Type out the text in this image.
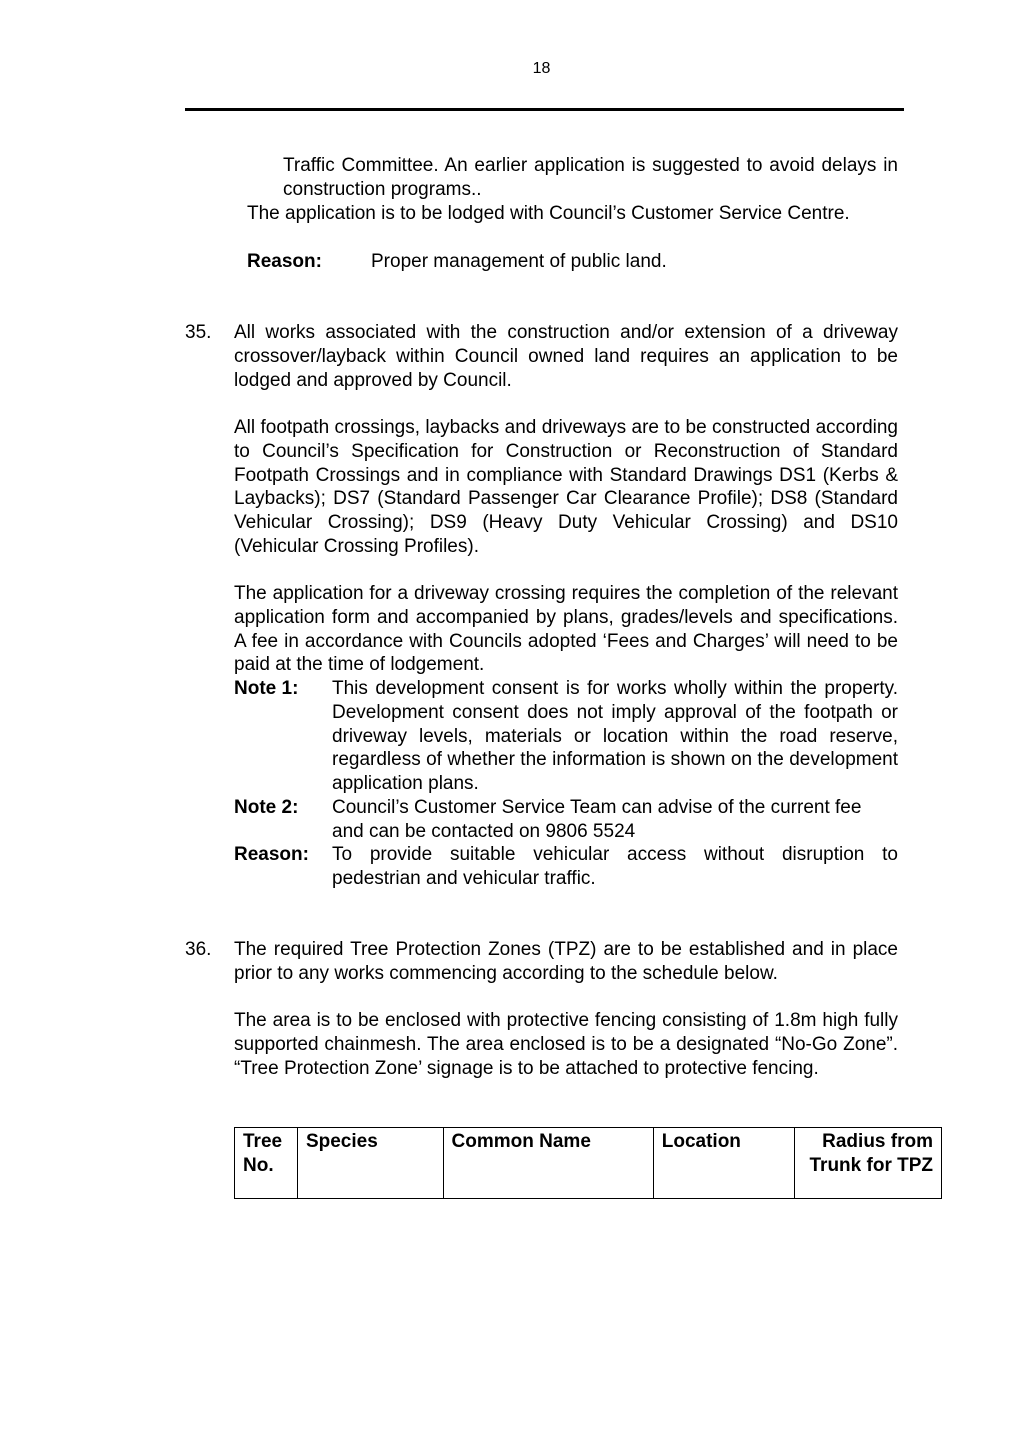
18
Traffic Committee. An earlier application is suggested to avoid delays in construction programs..
The application is to be lodged with Council’s Customer Service Centre.
Reason:	Proper management of public land.
35. All works associated with the construction and/or extension of a driveway crossover/layback within Council owned land requires an application to be lodged and approved by Council.
All footpath crossings, laybacks and driveways are to be constructed according to Council’s Specification for Construction or Reconstruction of Standard Footpath Crossings and in compliance with Standard Drawings DS1 (Kerbs & Laybacks); DS7 (Standard Passenger Car Clearance Profile); DS8 (Standard Vehicular Crossing); DS9 (Heavy Duty Vehicular Crossing) and DS10 (Vehicular Crossing Profiles).
The application for a driveway crossing requires the completion of the relevant application form and accompanied by plans, grades/levels and specifications. A fee in accordance with Councils adopted ‘Fees and Charges’ will need to be paid at the time of lodgement.
Note 1: This development consent is for works wholly within the property. Development consent does not imply approval of the footpath or driveway levels, materials or location within the road reserve, regardless of whether the information is shown on the development application plans.
Note 2: Council’s Customer Service Team can advise of the current fee and can be contacted on 9806 5524
Reason: To provide suitable vehicular access without disruption to pedestrian and vehicular traffic.
36. The required Tree Protection Zones (TPZ) are to be established and in place prior to any works commencing according to the schedule below.
The area is to be enclosed with protective fencing consisting of 1.8m high fully supported chainmesh. The area enclosed is to be a designated “No-Go Zone”. “Tree Protection Zone’ signage is to be attached to protective fencing.
Tree No.	Species	Common Name	Location	Radius from Trunk for TPZ
